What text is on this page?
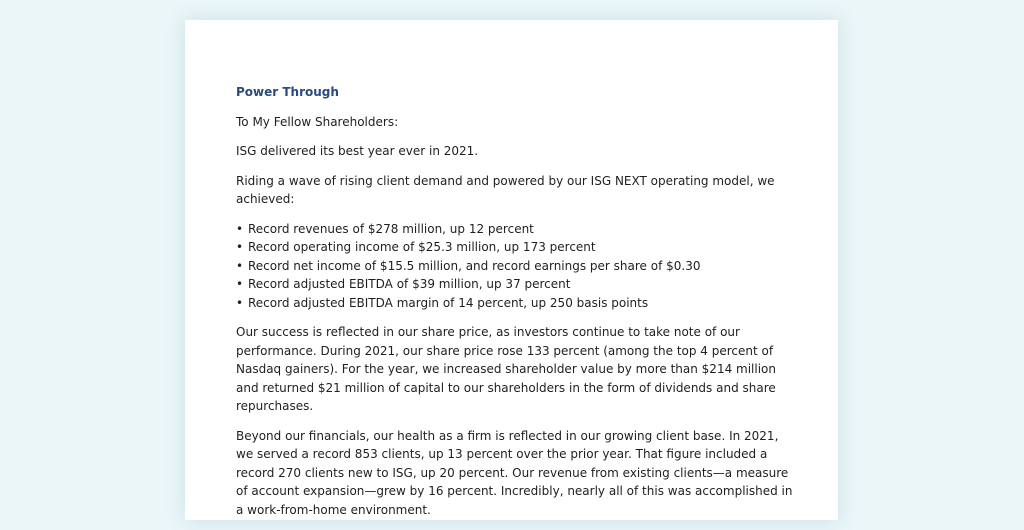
Power Through

To My Fellow Shareholders:

ISG delivered its best year ever in 2021.

Riding a wave of rising client demand and powered by our ISG NEXT operating model, we achieved:

• Record revenues of $278 million, up 12 percent
• Record operating income of $25.3 million, up 173 percent
• Record net income of $15.5 million, and record earnings per share of $0.30
• Record adjusted EBITDA of $39 million, up 37 percent
• Record adjusted EBITDA margin of 14 percent, up 250 basis points

Our success is reflected in our share price, as investors continue to take note of our performance. During 2021, our share price rose 133 percent (among the top 4 percent of Nasdaq gainers). For the year, we increased shareholder value by more than $214 million and returned $21 million of capital to our shareholders in the form of dividends and share repurchases.

Beyond our financials, our health as a firm is reflected in our growing client base. In 2021, we served a record 853 clients, up 13 percent over the prior year. That figure included a record 270 clients new to ISG, up 20 percent. Our revenue from existing clients—a measure of account expansion—grew by 16 percent. Incredibly, nearly all of this was accomplished in a work-from-home environment.
